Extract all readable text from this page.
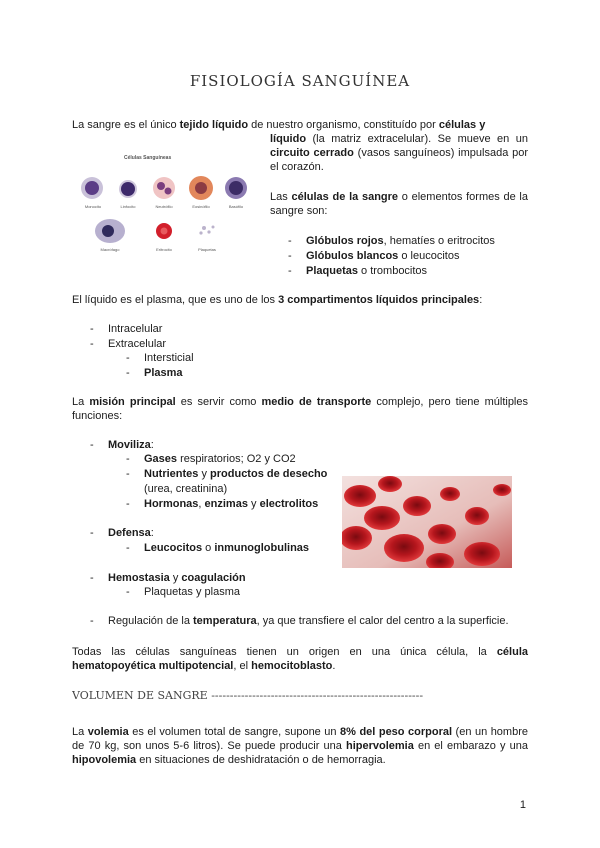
FISIOLOGÍA SANGUÍNEA
La sangre es el único tejido líquido de nuestro organismo, constituído por células y
líquido (la matriz extracelular). Se mueve en un
circuito cerrado (vasos sanguíneos) impulsada por
el corazón.
Células Sanguíneas
Monocito	Linfocito	Neutrófilo	Eosinófilo	Basófilo
Macrófago	Eritrocito	Plaquetas
Las células de la sangre o elementos formes de la
sangre son:
- Glóbulos rojos, hematíes o eritrocitos
- Glóbulos blancos o leucocitos
- Plaquetas o trombocitos
El líquido es el plasma, que es uno de los 3 compartimentos líquidos principales:
- Intracelular
- Extracelular
- Intersticial
- Plasma
La misión principal es servir como medio de transporte complejo, pero tiene múltiples
funciones:
- Moviliza:
- Gases respiratorios; O2 y CO2
- Nutrientes y productos de desecho
(urea, creatinina)
- Hormonas, enzimas y electrolitos
- Defensa:
- Leucocitos o inmunoglobulinas
- Hemostasia y coagulación
- Plaquetas y plasma
- Regulación de la temperatura, ya que transfiere el calor del centro a la superficie.
Todas las células sanguíneas tienen un origen en una única célula, la célula
hematopoyética multipotencial, el hemocitoblasto.
VOLUMEN DE SANGRE ---------------------------------------------------------
La volemia es el volumen total de sangre, supone un 8% del peso corporal (en un hombre
de 70 kg, son unos 5-6 litros). Se puede producir una hipervolemia en el embarazo y una
hipovolemia en situaciones de deshidratación o de hemorragia.
1
